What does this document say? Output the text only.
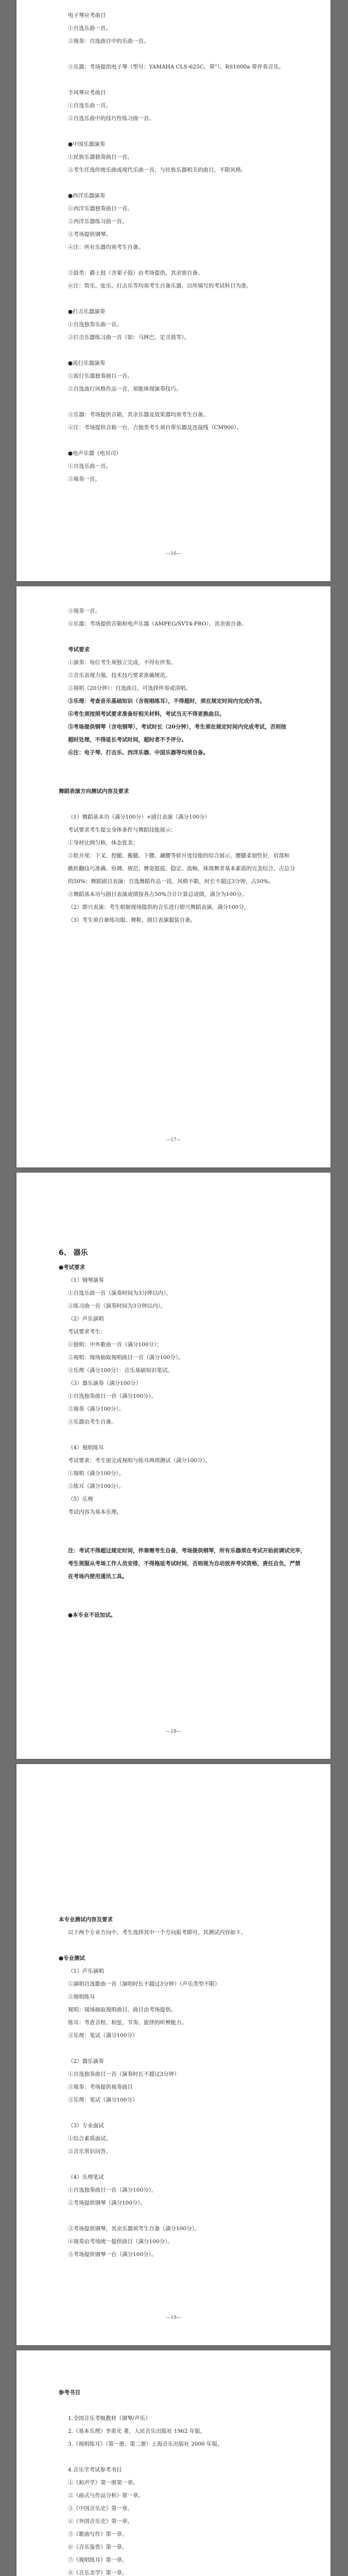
电子琴应考曲目
①自选乐曲一首。
②视奏：自选曲目中的乐曲一首。
③乐器：考场提供电子琴（型号：YAMAHA CLS-625C，带"）、RS1000a 带伴奏音乐。
手风琴应考曲目
①自选乐曲一首。
②自选乐曲中的技巧性练习曲一首。
●中国乐器演奏
①民族乐器独奏曲目一首。
②考生任选传统乐曲或现代乐曲一首，与民族乐器相关的曲目，不限风格。
●西洋乐器演奏
①西洋乐器独奏曲目一首。
②西洋乐器练习曲一首。
③考场提供钢琴。
④注：所有乐器均须考生自备。
⑤鼓类：爵士鼓（含架子鼓）由考场提供，其余需自备。
⑥注：管乐、弦乐、打击乐等均须考生自备乐器，以所填写的考试科目为准。
●打击乐器演奏
①自选独奏乐曲一首。
②打击乐器练习曲一首（如：马林巴、定音鼓等）。
●流行乐器演奏
①流行乐器独奏曲目一首。
②自选流行风格作品一首，须能体现演奏技巧。
③乐器：考场提供音箱，其余乐器及效果器均须考生自备。
④注：考场提供音箱一台，吉他类考生须自带乐器及连接线（CM900）。
●电声乐器（电贝司）
①自选乐曲一首。
②视奏一首。
—16—
③视奏一首。
④乐器：考场提供音箱和电声乐器（AMPEG/SVT4-PRO），其余需自备。
考试要求
①演奏：每位考生须独立完成，不得有伴奏。
②音乐表现力强，技术技巧要求准确规范。
②视唱（20分钟）：自选曲目，可选择伴奏或清唱。
③乐理：考查音乐基础知识（含视唱练耳），不得超时，须在规定时间内完成作答。
④考生须按照考试要求准备好相关材料，考试当天不得更换曲目。
⑤考场提供钢琴（含电钢琴），考试时长（20分钟），考生须在规定时间内完成考试，否则按
超时处理，不得延长考试时间，超时者不予评分。
⑥注：电子琴、打击乐、西洋乐器、中国乐器等均须自备。
舞蹈表演方向测试内容及要求
（1）舞蹈基本功（满分100分）+剧目表演（满分100分）
考试要求考生提交身体条件与舞蹈技能展示：
①身材比例匀称，体态优美；
②软开度：下叉、控腿、搬腿、下腰、涮腰等软开度技能的综合展示，腰腿柔韧性好，肩部和
跳转翻技巧准确、协调、规范；舞姿挺拔、稳定、流畅，体现舞者基本素质的完美综合，占总分
的50%；舞蹈剧目表演：自选舞蹈作品一段，风格不限，时长不超过3分钟，占50%。
③舞蹈基本功与剧目表演成绩按各占50%合计计算总成绩，满分为100分。
（2）即兴表演：考生根据现场提供的音乐进行即兴舞蹈表演，满分100分。
（3）考生须自备练功服、舞鞋，剧目表演服装自备。
—17—
6、 器乐
●考试要求
（1）钢琴演奏
①自选乐曲一首（演奏时间为3分钟以内）。
②练习曲一首（演奏时间为3分钟以内）。
（2）声乐演唱
考试要求考生：
①独唱：中外歌曲一首（满分100分）；
②视唱：现场抽取视唱曲目一首（满分100分）。
③乐理（满分100分）：音乐基础知识笔试。
（3）器乐演奏（满分100分）
①自选独奏曲目一首（满分100分）。
②视奏（满分100分）。
③乐器由考生自备。
（4）视唱练耳
考试要求：考生需完成视唱与练耳两项测试（满分100分）。
①视唱（满分100分）。
②练耳（满分100分）。
（5）乐理
考试内容为基本乐理。
注：考试不得超过规定时间，伴奏需考生自备，考场提供钢琴，所有乐器须在考试开始前调试完毕，
考生须服从考场工作人员安排，不得拖延考试时间，否则视为自动放弃考试资格，责任自负，严禁
在考场内使用通讯工具。
●本专业不设加试。
—18—
本专业测试内容及要求
以下两个专业方向中，考生选择其中一个方向报考即可，其测试内容如下。
●专业测试
（1）声乐演唱
①演唱自选歌曲一首（演唱时长不超过3分钟）（声乐类型不限）
②视唱练耳
视唱：现场抽取视唱曲目，曲目由考场提供。
练耳：考查音程、和弦、节奏、旋律的听辨能力。
③乐理：笔试（满分100分）
（2）器乐演奏
①自选独奏曲目一首（演奏时长不超过3分钟）
②视奏：考场提供视奏曲目
③乐理：笔试（满分100分）
（3）专业面试
①综合素质面试。
②音乐常识问答。
（4）乐理笔试
①自选独奏曲目一首（满分100分）。
②考场提供钢琴（满分100分）。
③考场提供钢琴，其余乐器须考生自备（满分100分）。
④视奏由考场统一提供曲目（满分100分）。
⑤考场提供钢琴一台（满分100分）。
—19—
参考书目
1.全国音乐考级教材（钢琴/声乐）
2.《基本乐理》李重光 著，人民音乐出版社 1962 年版。
3.《视唱练耳》（第一册、第二册）上海音乐出版社 2000 年版。
4.音乐学考试参考书目
①《和声学》第一册第一章。
②《曲式与作品分析》第一章。
③《中国音乐史》第一章。
④《外国音乐史》第一章。
⑤《歌曲写作》第一章。
⑥《音乐鉴赏》第一章。
⑦《视唱练耳》第一章。
⑧《音乐美学》第一章。
